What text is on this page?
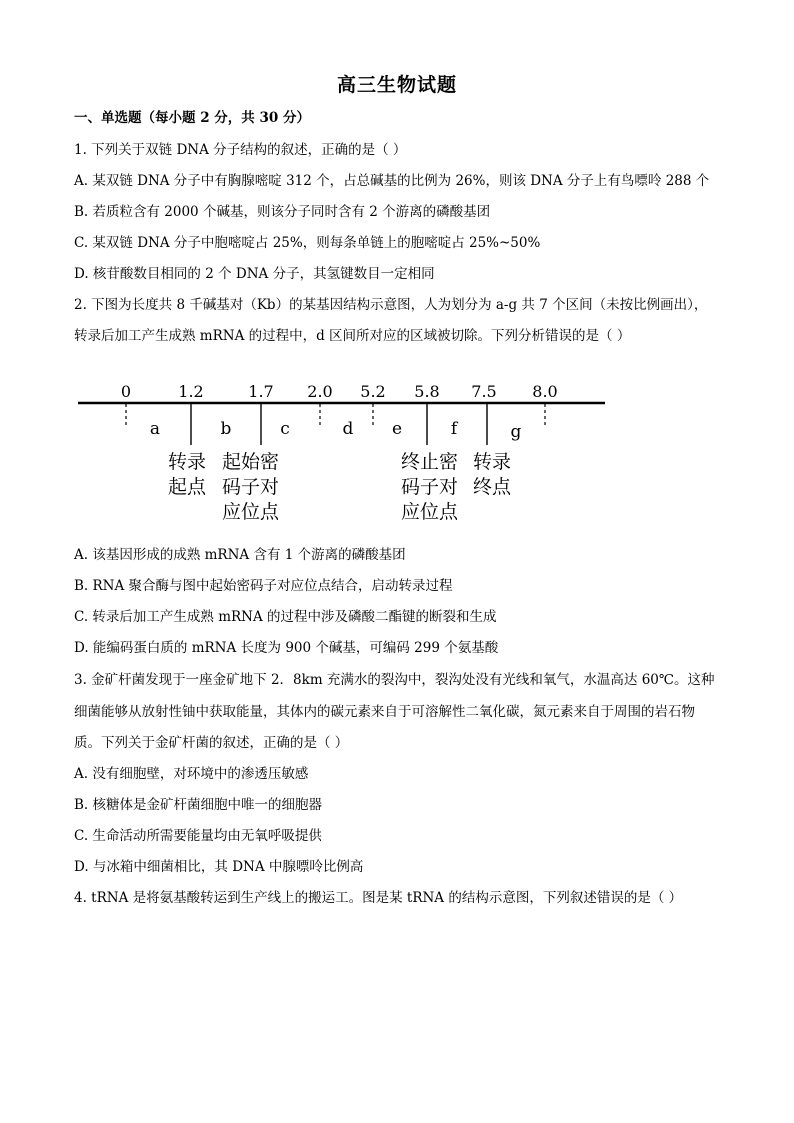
高三生物试题
一、单选题（每小题 2 分，共 30 分）
1. 下列关于双链 DNA 分子结构的叙述，正确的是（ ）
A. 某双链 DNA 分子中有胸腺嘧啶 312 个，占总碱基的比例为 26%，则该 DNA 分子上有鸟嘌呤 288 个
B. 若质粒含有 2000 个碱基，则该分子同时含有 2 个游离的磷酸基团
C. 某双链 DNA 分子中胞嘧啶占 25%，则每条单链上的胞嘧啶占 25%~50%
D. 核苷酸数目相同的 2 个 DNA 分子，其氢键数目一定相同
2. 下图为长度共 8 千碱基对（Kb）的某基因结构示意图，人为划分为 a-g 共 7 个区间（未按比例画出），
转录后加工产生成熟 mRNA 的过程中，d 区间所对应的区域被切除。下列分析错误的是（ ）
0	1.2	1.7 2.0 5.2 5.8 7.5 8.0
a	b	c	d e	f	g
转录
起点
起始密
码子对
应位点
终止密
码子对
应位点
转录
终点
A. 该基因形成的成熟 mRNA 含有 1 个游离的磷酸基团
B. RNA 聚合酶与图中起始密码子对应位点结合，启动转录过程
C. 转录后加工产生成熟 mRNA 的过程中涉及磷酸二酯键的断裂和生成
D. 能编码蛋白质的 mRNA 长度为 900 个碱基，可编码 299 个氨基酸
3. 金矿杆菌发现于一座金矿地下 2．8km 充满水的裂沟中，裂沟处没有光线和氧气，水温高达 60℃。这种
细菌能够从放射性铀中获取能量，其体内的碳元素来自于可溶解性二氧化碳，氮元素来自于周围的岩石物
质。下列关于金矿杆菌的叙述，正确的是（ ）
A. 没有细胞壁，对环境中的渗透压敏感
B. 核糖体是金矿杆菌细胞中唯一的细胞器
C. 生命活动所需要能量均由无氧呼吸提供
D. 与冰箱中细菌相比，其 DNA 中腺嘌呤比例高
4. tRNA 是将氨基酸转运到生产线上的搬运工。图是某 tRNA 的结构示意图，下列叙述错误的是（ ）
